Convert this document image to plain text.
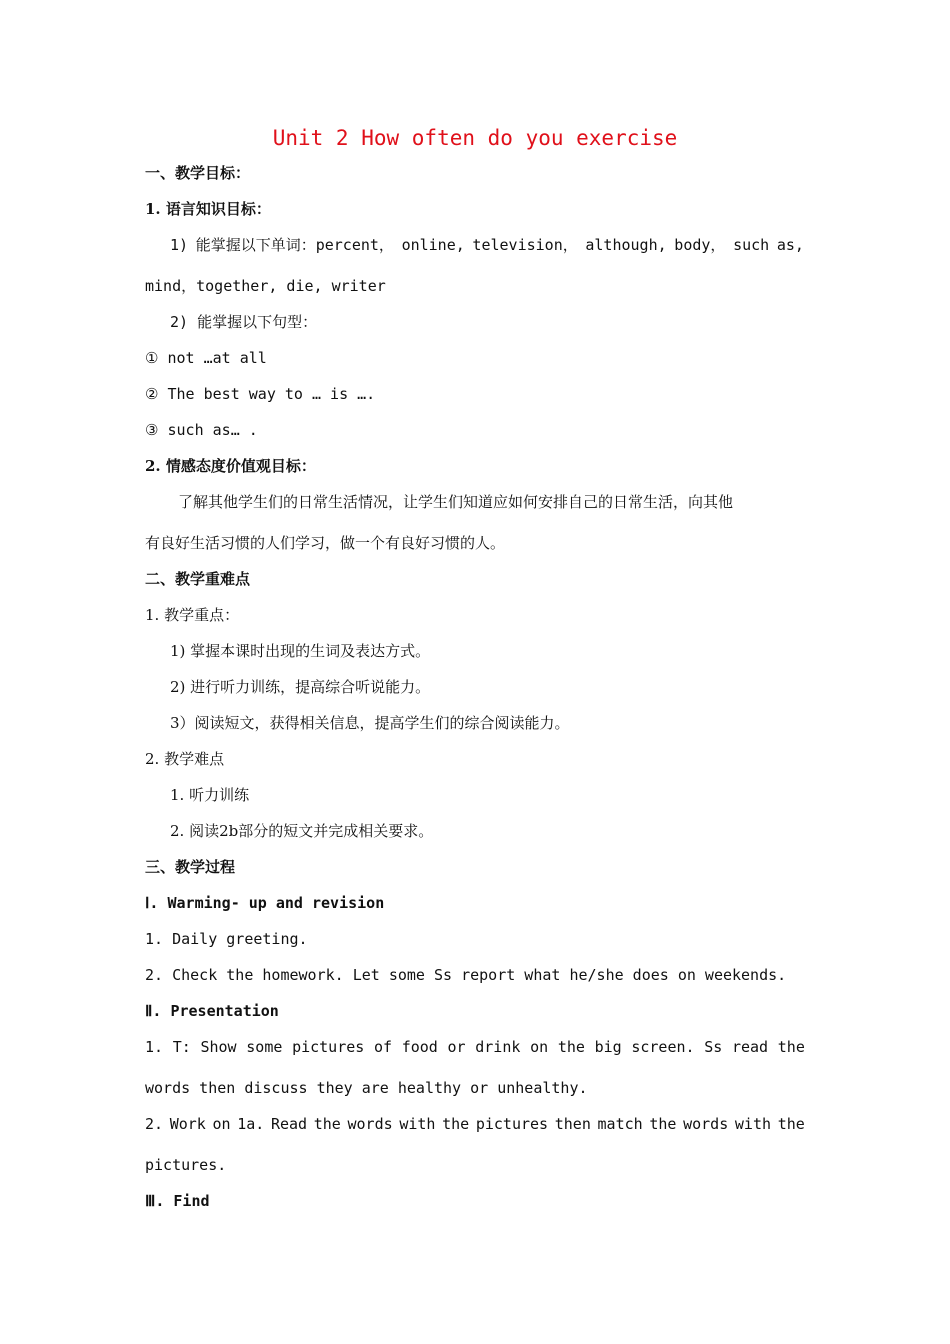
Unit 2 How often do you exercise
一、教学目标：
1. 语言知识目标：
1) 能掌握以下单词：percent， online, television， although, body， such as,
mind，together, die, writer
2) 能掌握以下句型：
① not …at all
② The best way to … is ….
③ such as… .
2. 情感态度价值观目标：
了解其他学生们的日常生活情况，让学生们知道应如何安排自己的日常生活，向其他
有良好生活习惯的人们学习，做一个有良好习惯的人。
二、教学重难点
1. 教学重点：
1) 掌握本课时出现的生词及表达方式。
2) 进行听力训练，提高综合听说能力。
3）阅读短文，获得相关信息，提高学生们的综合阅读能力。
2. 教学难点
1. 听力训练
2. 阅读2b部分的短文并完成相关要求。
三、教学过程
Ⅰ. Warming- up and revision
1. Daily greeting.
2. Check the homework. Let some Ss report what he/she does on weekends.
Ⅱ. Presentation
1. T: Show some pictures of food or drink on the big screen. Ss read the
words then discuss they are healthy or unhealthy.
2. Work on 1a. Read the words with the pictures then match the words with the
pictures.
Ⅲ. Find
